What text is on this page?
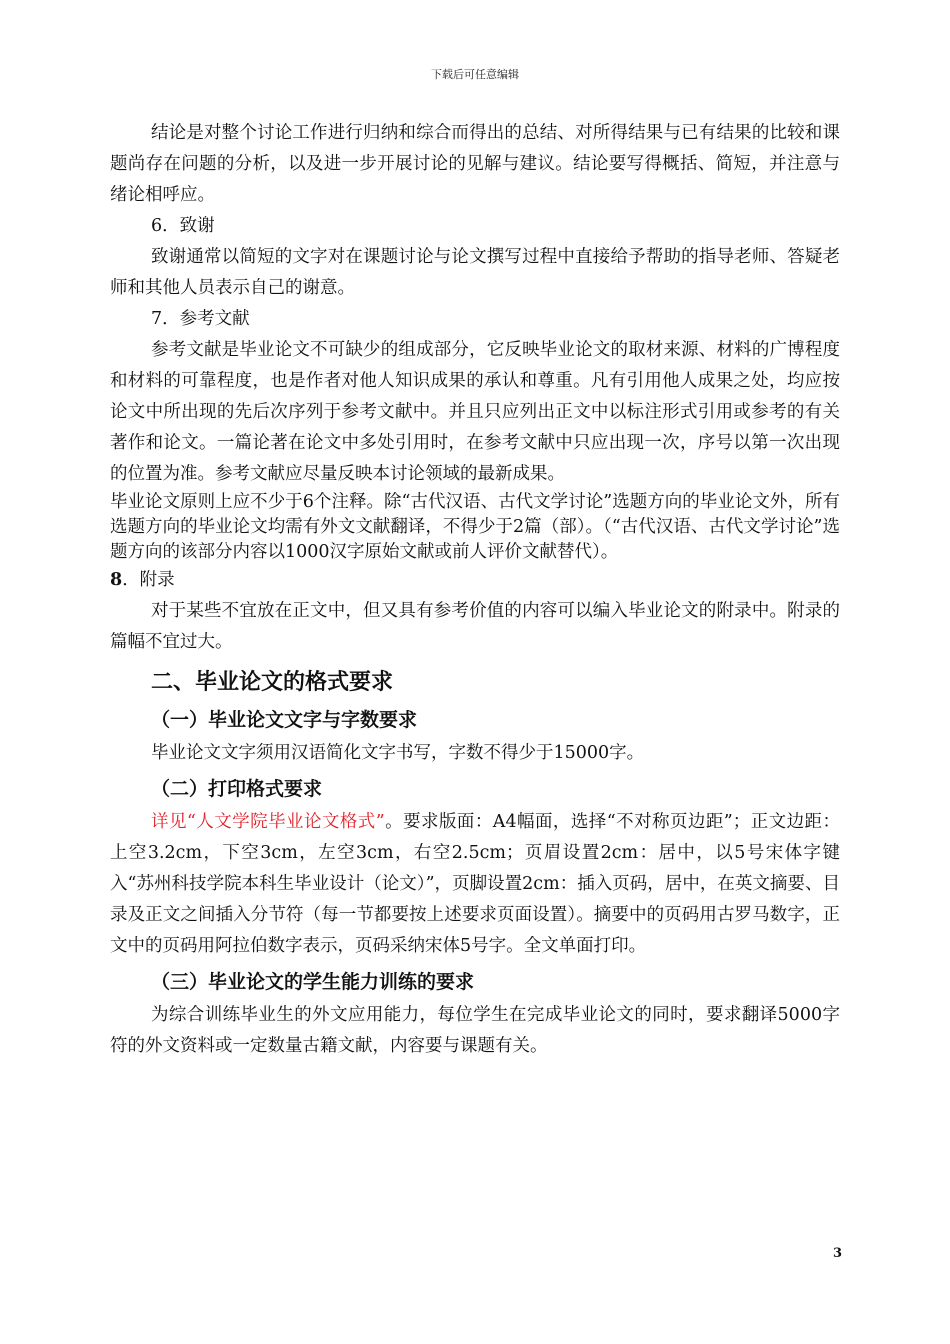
下载后可任意编辑

结论是对整个讨论工作进行归纳和综合而得出的总结、对所得结果与已有结果的比较和课题尚存在问题的分析，以及进一步开展讨论的见解与建议。结论要写得概括、简短，并注意与绪论相呼应。

6．致谢

致谢通常以简短的文字对在课题讨论与论文撰写过程中直接给予帮助的指导老师、答疑老师和其他人员表示自己的谢意。

7．参考文献

参考文献是毕业论文不可缺少的组成部分，它反映毕业论文的取材来源、材料的广博程度和材料的可靠程度，也是作者对他人知识成果的承认和尊重。凡有引用他人成果之处，均应按论文中所出现的先后次序列于参考文献中。并且只应列出正文中以标注形式引用或参考的有关著作和论文。一篇论著在论文中多处引用时，在参考文献中只应出现一次，序号以第一次出现的位置为准。参考文献应尽量反映本讨论领域的最新成果。

毕业论文原则上应不少于6个注释。除“古代汉语、古代文学讨论”选题方向的毕业论文外，所有选题方向的毕业论文均需有外文文献翻译，不得少于2篇（部）。（“古代汉语、古代文学讨论”选题方向的该部分内容以1000汉字原始文献或前人评价文献替代）。

8．附录

对于某些不宜放在正文中，但又具有参考价值的内容可以编入毕业论文的附录中。附录的篇幅不宜过大。

二、毕业论文的格式要求
（一）毕业论文文字与字数要求

毕业论文文字须用汉语简化文字书写，字数不得少于15000字。

（二）打印格式要求

详见“人文学院毕业论文格式”。要求版面：A4幅面，选择“不对称页边距”；正文边距：上空3.2cm，下空3cm，左空3cm，右空2.5cm；页眉设置2cm：居中，以5号宋体字键入“苏州科技学院本科生毕业设计（论文）”，页脚设置2cm：插入页码，居中，在英文摘要、目录及正文之间插入分节符（每一节都要按上述要求页面设置）。摘要中的页码用古罗马数字，正文中的页码用阿拉伯数字表示，页码采纳宋体5号字。全文单面打印。

（三）毕业论文的学生能力训练的要求

为综合训练毕业生的外文应用能力，每位学生在完成毕业论文的同时，要求翻译5000字符的外文资料或一定数量古籍文献，内容要与课题有关。

3
